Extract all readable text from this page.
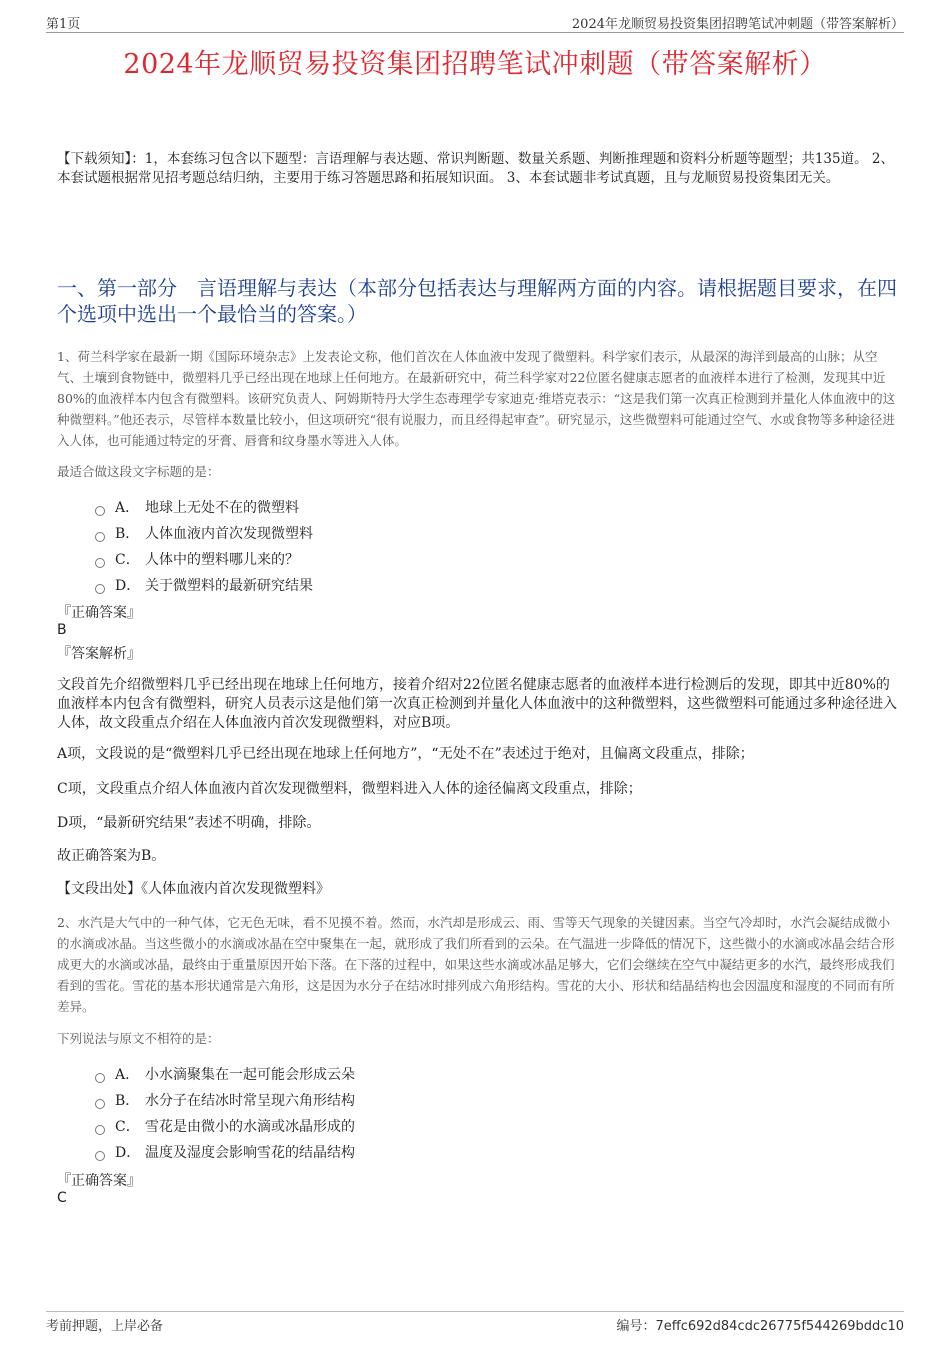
第1页	2024年龙顺贸易投资集团招聘笔试冲刺题（带答案解析）
2024年龙顺贸易投资集团招聘笔试冲刺题（带答案解析）
【下载须知】：1，本套练习包含以下题型：言语理解与表达题、常识判断题、数量关系题、判断推理题和资料分析题等题型；共135道。 2、本套试题根据常见招考题总结归纳，主要用于练习答题思路和拓展知识面。 3、本套试题非考试真题，且与龙顺贸易投资集团无关。
一、第一部分　言语理解与表达（本部分包括表达与理解两方面的内容。请根据题目要求，在四个选项中选出一个最恰当的答案。）
1、荷兰科学家在最新一期《国际环境杂志》上发表论文称，他们首次在人体血液中发现了微塑料。科学家们表示，从最深的海洋到最高的山脉；从空气、土壤到食物链中，微塑料几乎已经出现在地球上任何地方。在最新研究中，荷兰科学家对22位匿名健康志愿者的血液样本进行了检测，发现其中近80%的血液样本内包含有微塑料。该研究负责人、阿姆斯特丹大学生态毒理学专家迪克·维塔克表示：“这是我们第一次真正检测到并量化人体血液中的这种微塑料。”他还表示，尽管样本数量比较小，但这项研究“很有说服力，而且经得起审查”。研究显示，这些微塑料可能通过空气、水或食物等多种途径进入人体，也可能通过特定的牙膏、唇膏和纹身墨水等进入人体。
最适合做这段文字标题的是：
A． 地球上无处不在的微塑料
B． 人体血液内首次发现微塑料
C． 人体中的塑料哪儿来的？
D． 关于微塑料的最新研究结果
『正确答案』
B
『答案解析』
文段首先介绍微塑料几乎已经出现在地球上任何地方，接着介绍对22位匿名健康志愿者的血液样本进行检测后的发现，即其中近80%的血液样本内包含有微塑料，研究人员表示这是他们第一次真正检测到并量化人体血液中的这种微塑料，这些微塑料可能通过多种途径进入人体，故文段重点介绍在人体血液内首次发现微塑料，对应B项。
A项，文段说的是“微塑料几乎已经出现在地球上任何地方”，“无处不在”表述过于绝对，且偏离文段重点，排除；
C项，文段重点介绍人体血液内首次发现微塑料，微塑料进入人体的途径偏离文段重点，排除；
D项，“最新研究结果”表述不明确，排除。
故正确答案为B。
【文段出处】《人体血液内首次发现微塑料》
2、水汽是大气中的一种气体，它无色无味，看不见摸不着。然而，水汽却是形成云、雨、雪等天气现象的关键因素。当空气冷却时，水汽会凝结成微小的水滴或冰晶。当这些微小的水滴或冰晶在空中聚集在一起，就形成了我们所看到的云朵。在气温进一步降低的情况下，这些微小的水滴或冰晶会结合形成更大的水滴或冰晶，最终由于重量原因开始下落。在下落的过程中，如果这些水滴或冰晶足够大，它们会继续在空气中凝结更多的水汽，最终形成我们看到的雪花。雪花的基本形状通常是六角形，这是因为水分子在结冰时排列成六角形结构。雪花的大小、形状和结晶结构也会因温度和湿度的不同而有所差异。
下列说法与原文不相符的是：
A． 小水滴聚集在一起可能会形成云朵
B． 水分子在结冰时常呈现六角形结构
C． 雪花是由微小的水滴或冰晶形成的
D． 温度及湿度会影响雪花的结晶结构
『正确答案』
C
考前押题，上岸必备	编号：7effc692d84cdc26775f544269bddc10
